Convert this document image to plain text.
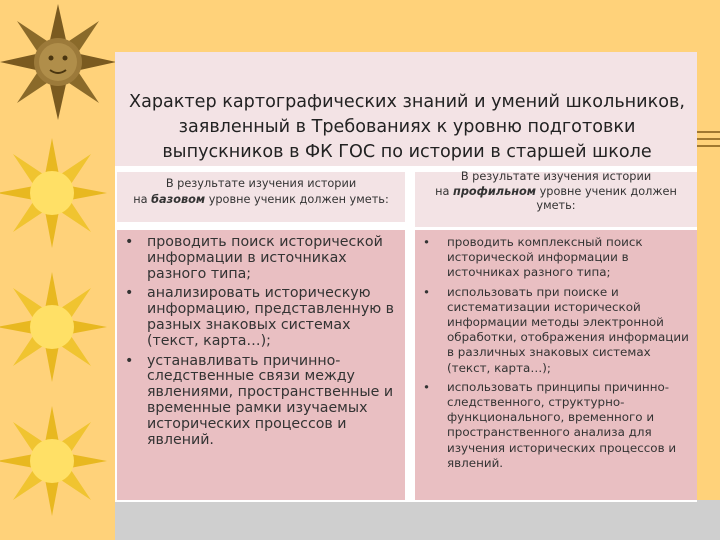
Характер картографических знаний и умений школьников, заявленный в Требованиях к уровню подготовки выпускников в ФК ГОС по истории в старшей школе
В результате изучения истории
на базовом уровне ученик должен уметь:
В результате изучения истории
на профильном уровне ученик должен уметь:
• проводить поиск исторической информации в источниках разного типа;
• анализировать историческую информацию, представленную в разных знаковых системах (текст, карта…);
• устанавливать причинно-следственные связи между явлениями, пространственные и временные рамки изучаемых исторических процессов и явлений.
• проводить комплексный поиск исторической информации в источниках разного типа;
• использовать при поиске и систематизации исторической информации методы электронной обработки, отображения информации в различных знаковых системах (текст, карта…);
• использовать принципы причинно-следственного, структурно-функционального, временного и пространственного анализа для изучения исторических процессов и явлений.
